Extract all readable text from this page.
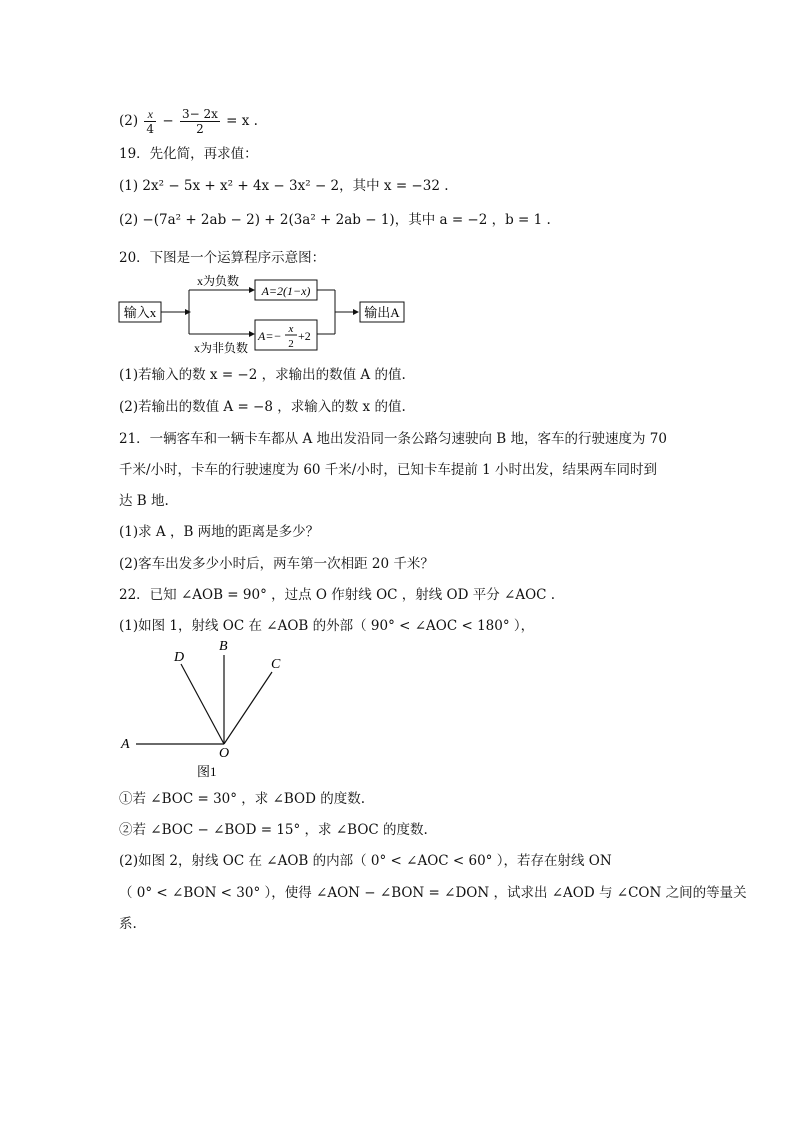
$(2) \frac{x}{4} - \frac{3- 2x}{2} = x$ .
19．先化简，再求值：
(1) 2x² − 5x + x² + 4x − 3x² − 2，其中 x = −32 .
(2) −(7a² + 2ab − 2) + 2(3a² + 2ab − 1)，其中 a = −2 ，b = 1 .
20．下图是一个运算程序示意图：
输入x
x为负数
A=2(1−x)
x为非负数
A=− x
2
+2
输出A
(1)若输入的数 x = −2 ，求输出的数值 A 的值.
(2)若输出的数值 A = −8 ，求输入的数 x 的值.
21．一辆客车和一辆卡车都从 A 地出发沿同一条公路匀速驶向 B 地，客车的行驶速度为 70
千米/小时，卡车的行驶速度为 60 千米/小时，已知卡车提前 1 小时出发，结果两车同时到
达 B 地.
(1)求 A ，B 两地的距离是多少？
(2)客车出发多少小时后，两车第一次相距 20 千米？
22．已知 ∠AOB = 90° ，过点 O 作射线 OC ，射线 OD 平分 ∠AOC .
(1)如图 1，射线 OC 在 ∠AOB 的外部（ 90° < ∠AOC < 180° ），
A
B
D	C
O
图1
①若 ∠BOC = 30° ，求 ∠BOD 的度数.
②若 ∠BOC − ∠BOD = 15° ，求 ∠BOC 的度数.
(2)如图 2，射线 OC 在 ∠AOB 的内部（ 0° < ∠AOC < 60° ），若存在射线 ON
（ 0° < ∠BON < 30° ），使得 ∠AON − ∠BON = ∠DON ，试求出 ∠AOD 与 ∠CON 之间的等量关
系.
